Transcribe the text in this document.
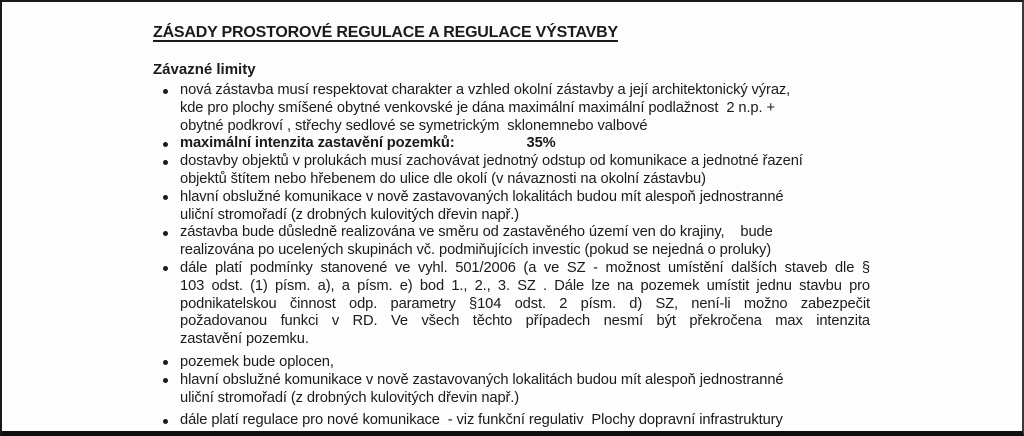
ZÁSADY PROSTOROVÉ REGULACE A REGULACE VÝSTAVBY
Závazné limity
nová zástavba musí respektovat charakter a vzhled okolní zástavby a její architektonický výraz,
kde pro plochy smíšené obytné venkovské je dána maximální maximální podlažnost  2 n.p. +
obytné podkroví , střechy sedlové se symetrickým  sklonemnebo valbové
maximální intenzita zastavění pozemků:	35%
dostavby objektů v prolukách musí zachovávat jednotný odstup od komunikace a jednotné řazení
objektů štítem nebo hřebenem do ulice dle okolí (v návaznosti na okolní zástavbu)
hlavní obslužné komunikace v nově zastavovaných lokalitách budou mít alespoň jednostranné
uliční stromořadí (z drobných kulovitých dřevin např.)
zástavba bude důsledně realizována ve směru od zastavěného území ven do krajiny,    bude
realizována po ucelených skupinách vč. podmiňujících investic (pokud se nejedná o proluky)
dále platí podmínky stanovené ve vyhl. 501/2006 (a ve SZ - možnost umístění dalších staveb dle §
103 odst. (1) písm. a), a písm. e) bod 1., 2., 3. SZ . Dále lze na pozemek umístit jednu stavbu pro
podnikatelskou činnost odp. parametry §104 odst. 2 písm. d) SZ, není-li možno zabezpečit
požadovanou funkci v RD. Ve všech těchto případech nesmí být překročena max intenzita
zastavění pozemku.
pozemek bude oplocen,
hlavní obslužné komunikace v nově zastavovaných lokalitách budou mít alespoň jednostranné
uliční stromořadí (z drobných kulovitých dřevin např.)
dále platí regulace pro nové komunikace  - viz funkční regulativ  Plochy dopravní infrastruktury
